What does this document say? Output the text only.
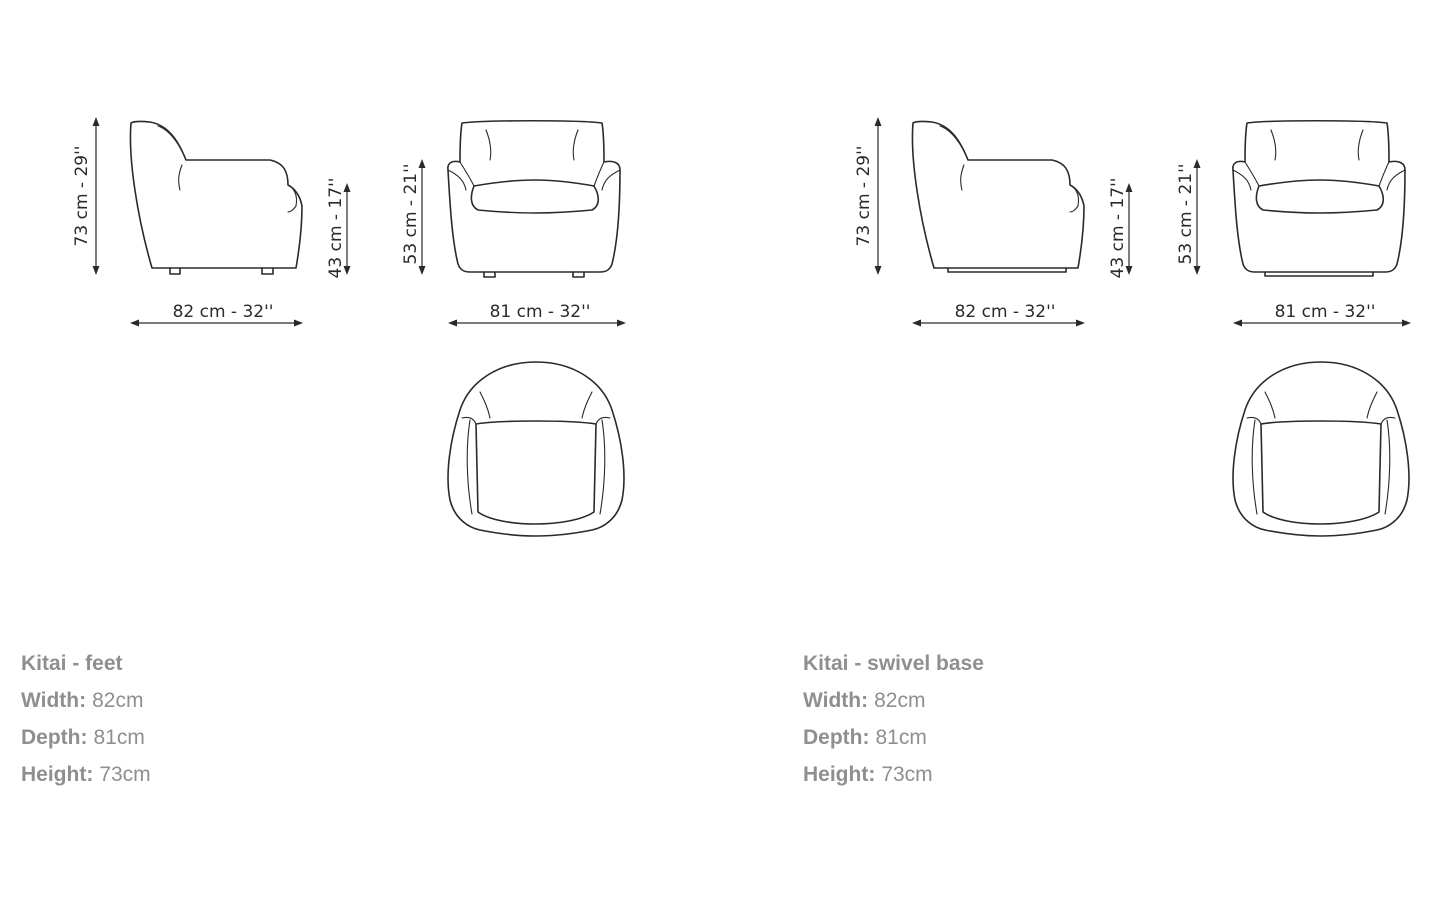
73 cm - 29''	43 cm - 17''	53 cm - 21''
82 cm - 32''	81 cm - 32''
73 cm - 29''	43 cm - 17''	53 cm - 21''
82 cm - 32''	81 cm - 32''
Kitai - feet
Width: 82cm
Depth: 81cm
Height: 73cm
Kitai - swivel base
Width: 82cm
Depth: 81cm
Height: 73cm
